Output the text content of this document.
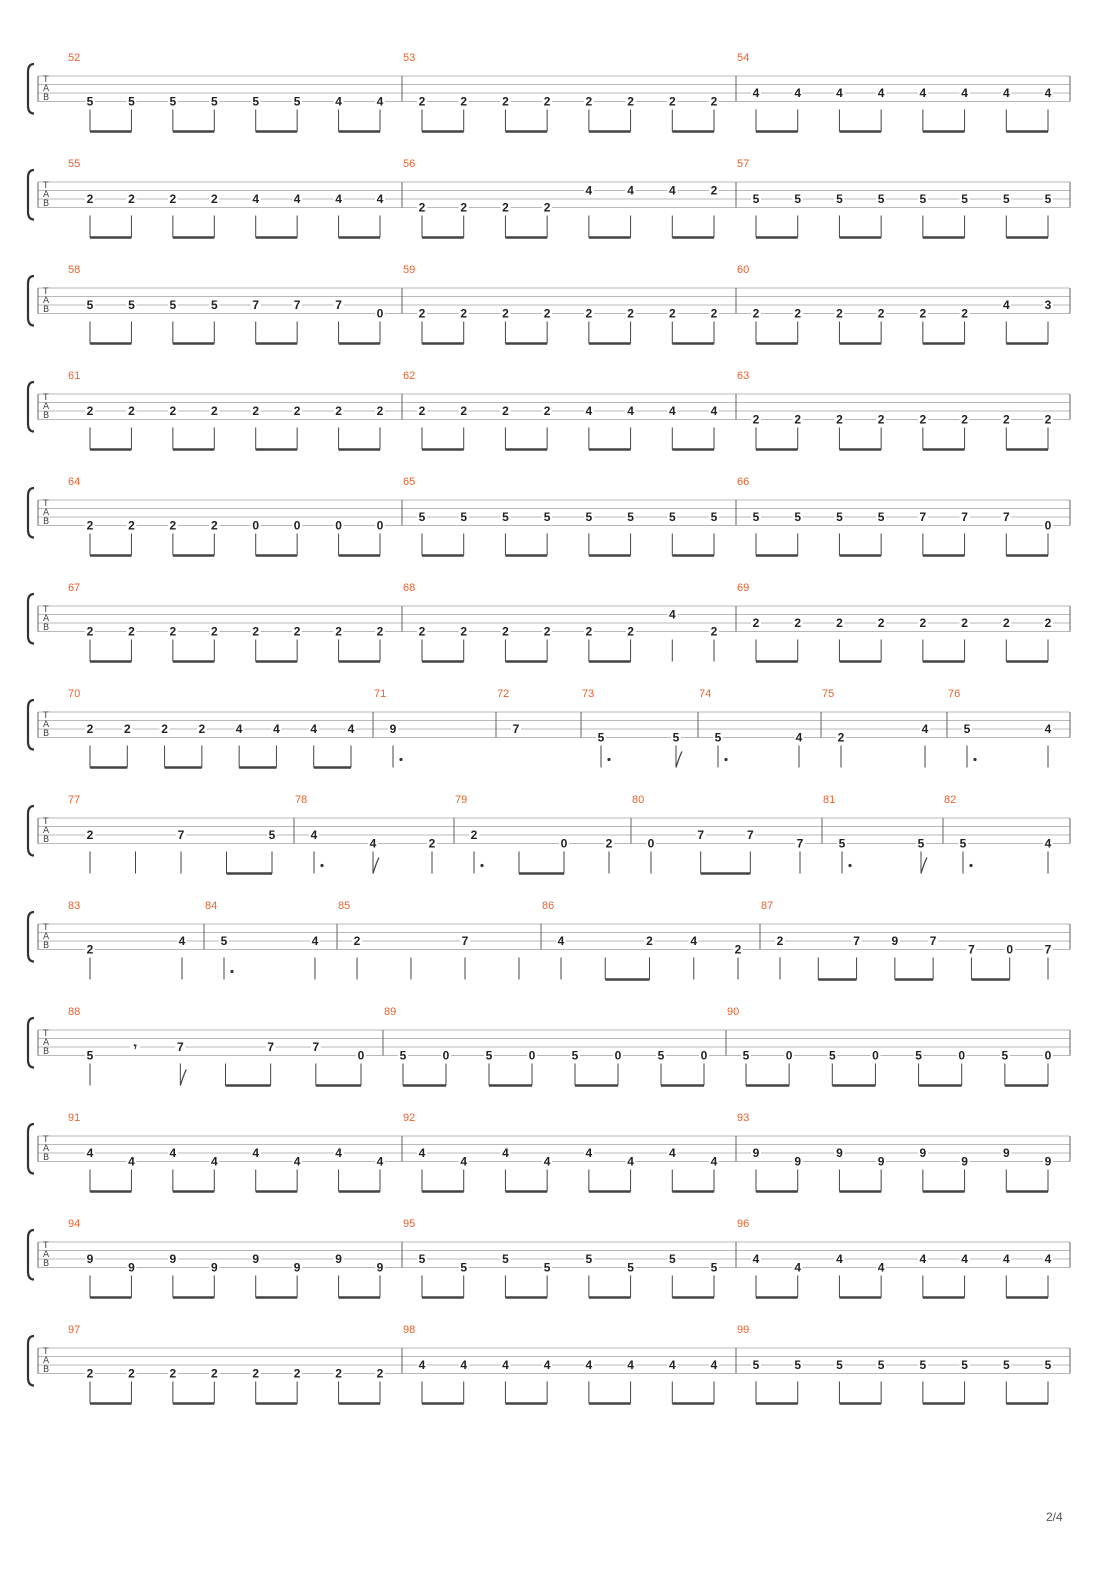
T
A
B
52
5	5	5	5	5	5	4	4
53
2	2	2	2	2	2	2	2
54
4	4	4	4	4	4	4	4
T
A
B
55
2	2	2	2	4	4	4	4
56
2	2	2	2
4	4	4	2
57
5	5	5	5	5	5	5	5
T
A
B
58
5	5	5	5	7	7	7
0
59
2	2	2	2	2	2	2	2
60
2	2	2	2	2	2
4	3
T
A
B
61
2	2	2	2	2	2	2	2
62
2	2	2	2	4	4	4	4
63
2	2	2	2	2	2	2	2
T
A
B
64
2	2	2	2	0	0	0	0
65
5	5	5	5	5	5	5	5
66
5	5	5	5	7	7	7
0
T
A
B
67
2	2	2	2	2	2	2	2
68
2	2	2	2	2	2
4
2
69
2	2	2	2	2	2	2	2
T
A
B
70
2	2	2	2	4	4	4	4
71
9
72
7
73
5	5
74
5	4
75
2
4
76
5	4
T
A
B
77
2	7	5
78
4
4	2
79
2
0	2
80
0
7	7
7
81
5	5
82
5	4
T
A
B
83
2
4
84
5	4
85
2	7
86
4	2	4
2
87
2	7	9	7
7	0	7
T
A
B
88
5
𝄾	7	7	7
0
89
5	0	5	0	5	0	5	0
90
5	0	5	0	5	0	5	0
T
A
B
91
4
4
4
4
4
4
4
4
92
4
4
4
4
4
4
4
4
93
9
9
9
9
9
9
9
9
T
A
B
94
9
9
9
9
9
9
9
9
95
5
5
5
5
5
5
5
5
96
4
4
4
4
4	4	4	4
T
A
B
97
2	2	2	2	2	2	2	2
98
4	4	4	4	4	4	4	4
99
5	5	5	5	5	5	5	5
2/4
